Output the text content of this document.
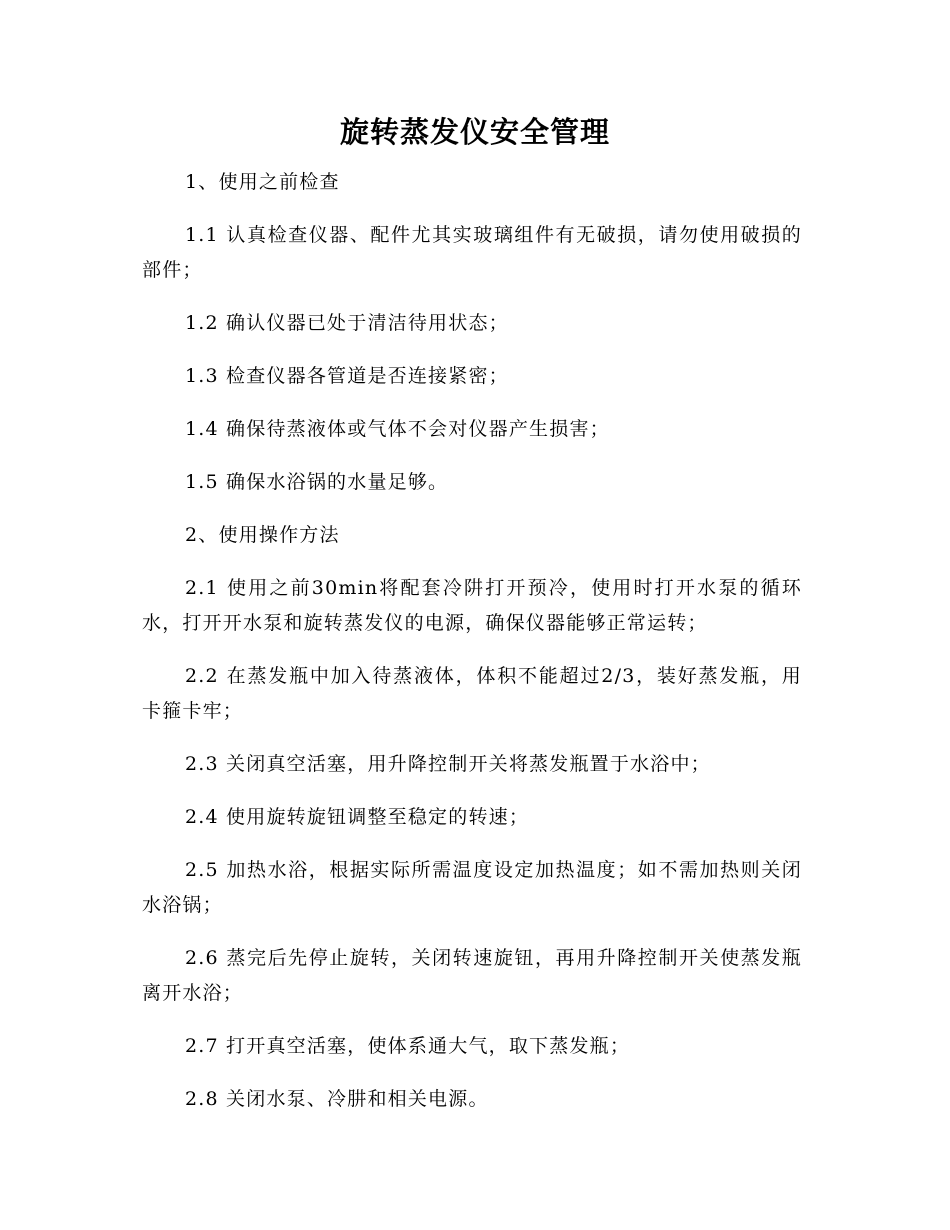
旋转蒸发仪安全管理

1、使用之前检查

1.1 认真检查仪器、配件尤其实玻璃组件有无破损，请勿使用破损的部件；

1.2 确认仪器已处于清洁待用状态；

1.3 检查仪器各管道是否连接紧密；

1.4 确保待蒸液体或气体不会对仪器产生损害；

1.5 确保水浴锅的水量足够。

2、使用操作方法

2.1 使用之前30min将配套冷阱打开预冷，使用时打开水泵的循环水，打开开水泵和旋转蒸发仪的电源，确保仪器能够正常运转；

2.2 在蒸发瓶中加入待蒸液体，体积不能超过2/3，装好蒸发瓶，用卡箍卡牢；

2.3 关闭真空活塞，用升降控制开关将蒸发瓶置于水浴中；

2.4 使用旋转旋钮调整至稳定的转速；

2.5 加热水浴，根据实际所需温度设定加热温度；如不需加热则关闭水浴锅；

2.6 蒸完后先停止旋转，关闭转速旋钮，再用升降控制开关使蒸发瓶离开水浴；

2.7 打开真空活塞，使体系通大气，取下蒸发瓶；

2.8 关闭水泵、冷肼和相关电源。
